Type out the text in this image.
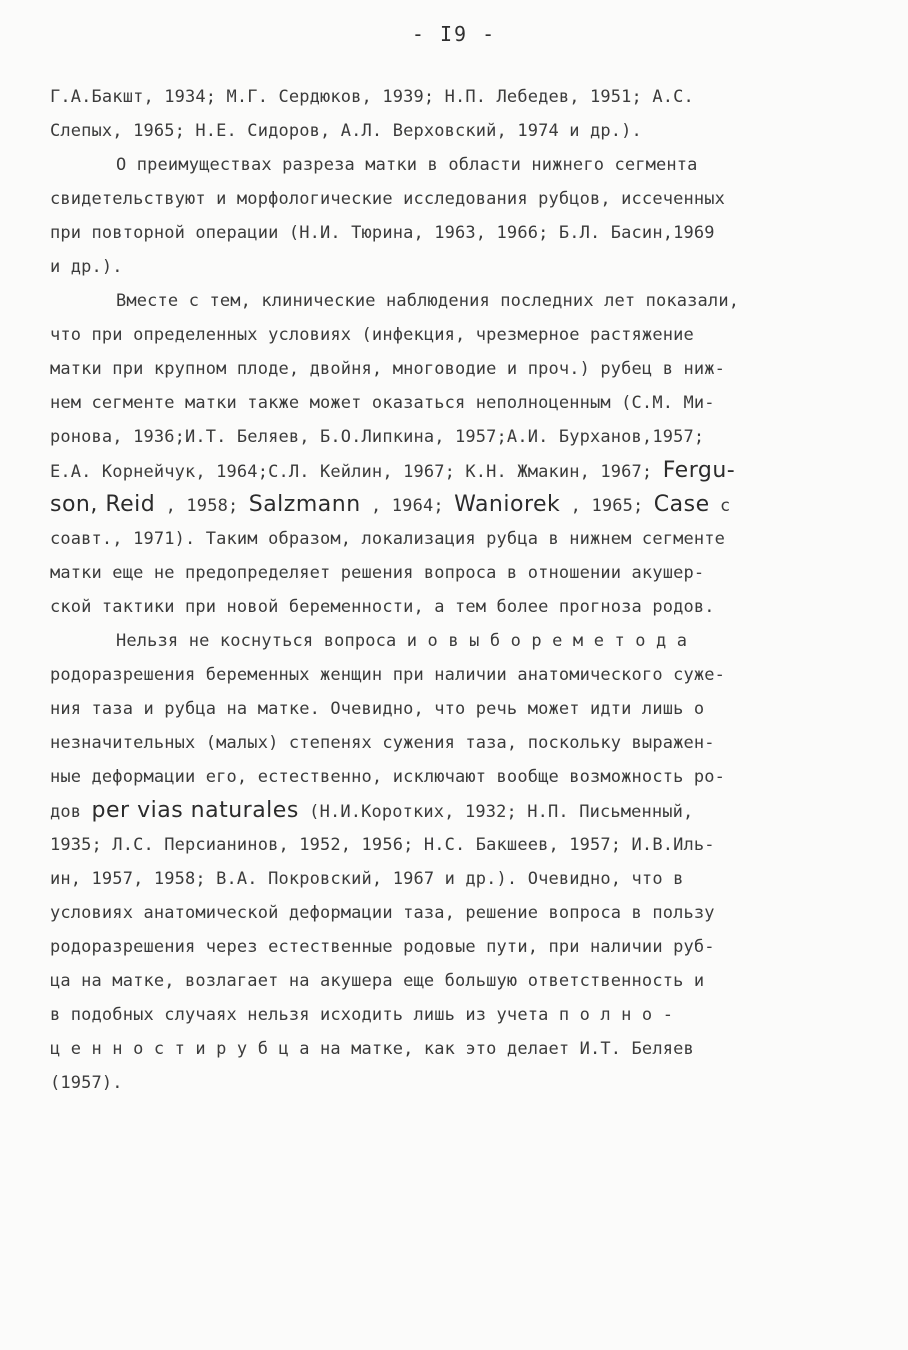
- I9 -
Г.А.Бакшт, 1934; М.Г. Сердюков, 1939; Н.П. Лебедев, 1951; А.С.
Слепых, 1965; Н.Е. Сидоров, А.Л. Верховский, 1974 и др.).
О преимуществах разреза матки в области нижнего сегмента
свидетельствуют и морфологические исследования рубцов, иссеченных
при повторной операции (Н.И. Тюрина, 1963, 1966; Б.Л. Басин,1969
и др.).
Вместе с тем, клинические наблюдения последних лет показали,
что при определенных условиях (инфекция, чрезмерное растяжение
матки при крупном плоде, двойня, многоводие и проч.) рубец в ниж-
нем сегменте матки также может оказаться неполноценным (С.М. Ми-
ронова, 1936;И.Т. Беляев, Б.О.Липкина, 1957;А.И. Бурханов,1957;
Е.А. Корнейчук, 1964;С.Л. Кейлин, 1967; К.Н. Жмакин, 1967; Fergu-
son, Reid , 1958; Salzmann , 1964; Waniorek , 1965; Case с
соавт., 1971). Таким образом, локализация рубца в нижнем сегменте
матки еще не предопределяет решения вопроса в отношении акушер-
ской тактики при новой беременности, а тем более прогноза родов.
Нельзя не коснуться вопроса и о в ы б о р е м е т о д а
родоразрешения беременных женщин при наличии анатомического суже-
ния таза и рубца на матке. Очевидно, что речь может идти лишь о
незначительных (малых) степенях сужения таза, поскольку выражен-
ные деформации его, естественно, исключают вообще возможность ро-
дов per vias naturales (Н.И.Коротких, 1932; Н.П. Письменный,
1935; Л.С. Персианинов, 1952, 1956; Н.С. Бакшеев, 1957; И.В.Иль-
ин, 1957, 1958; В.А. Покровский, 1967 и др.). Очевидно, что в
условиях анатомической деформации таза, решение вопроса в пользу
родоразрешения через естественные родовые пути, при наличии руб-
ца на матке, возлагает на акушера еще большую ответственность и
в подобных случаях нельзя исходить лишь из учета п о л н о -
ц е н н о с т и р у б ц а на матке, как это делает И.Т. Беляев
(1957).
